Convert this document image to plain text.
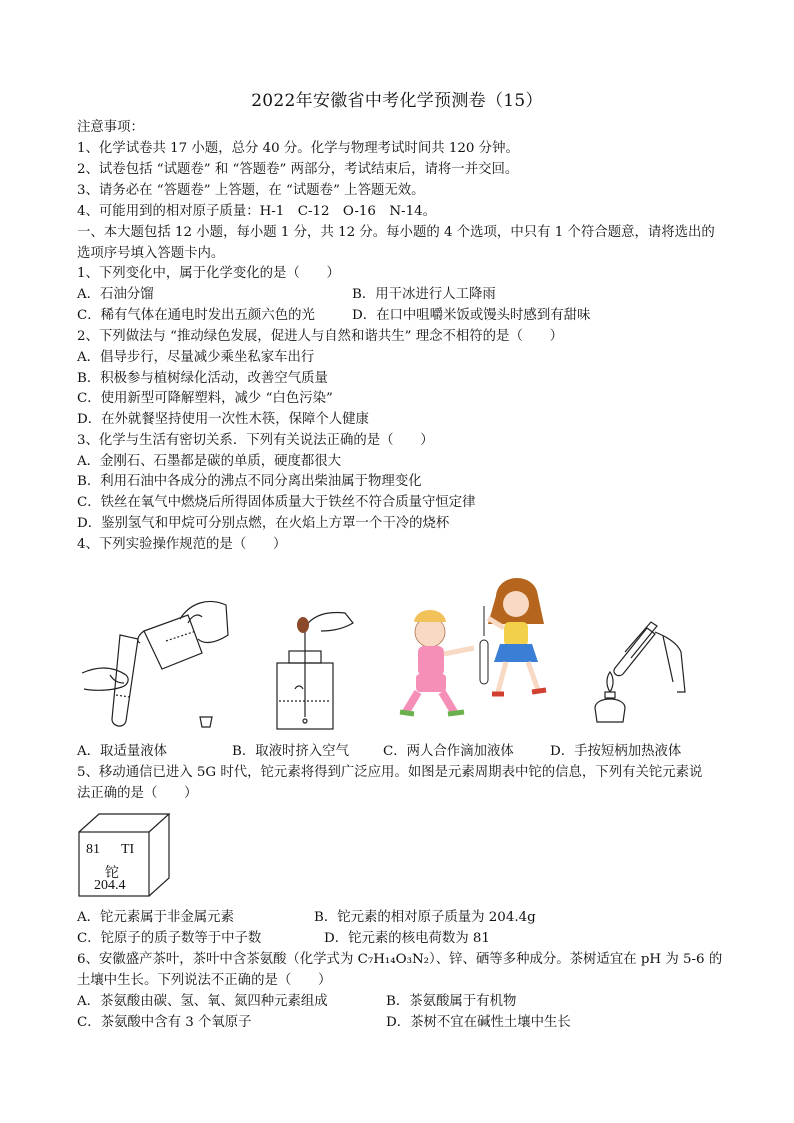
2022年安徽省中考化学预测卷（15）
注意事项：
1、化学试卷共 17 小题，总分 40 分。化学与物理考试时间共 120 分钟。
2、试卷包括 “试题卷” 和 “答题卷” 两部分，考试结束后，请将一并交回。
3、请务必在 “答题卷” 上答题，在 “试题卷” 上答题无效。
4、可能用到的相对原子质量：H-1　C-12　O-16　N-14。
一、本大题包括 12 小题，每小题 1 分，共 12 分。每小题的 4 个选项，中只有 1 个符合题意，请将选出的
选项序号填入答题卡内。
1、下列变化中，属于化学变化的是（　　）
A．石油分馏	B．用干冰进行人工降雨
C．稀有气体在通电时发出五颜六色的光	D．在口中咀嚼米饭或馒头时感到有甜味
2、下列做法与 “推动绿色发展，促进人与自然和谐共生” 理念不相符的是（　　）
A．倡导步行，尽量减少乘坐私家车出行
B．积极参与植树绿化活动，改善空气质量
C．使用新型可降解塑料，减少 “白色污染”
D．在外就餐坚持使用一次性木筷，保障个人健康
3、化学与生活有密切关系．下列有关说法正确的是（　　）
A．金刚石、石墨都是碳的单质，硬度都很大
B．利用石油中各成分的沸点不同分离出柴油属于物理变化
C．铁丝在氧气中燃烧后所得固体质量大于铁丝不符合质量守恒定律
D．鉴别氢气和甲烷可分别点燃，在火焰上方罩一个干冷的烧杯
4、下列实验操作规范的是（　　）
A．取适量液体	B．取液时挤入空气	C．两人合作滴加液体	D．手按短柄加热液体
5、移动通信已进入 5G 时代，铊元素将得到广泛应用。如图是元素周期表中铊的信息，下列有关铊元素说
法正确的是（　　）
81 TI
铊
204.4
A．铊元素属于非金属元素	B．铊元素的相对原子质量为 204.4g
C．铊原子的质子数等于中子数	D．铊元素的核电荷数为 81
6、安徽盛产茶叶，茶叶中含茶氨酸（化学式为 C₇H₁₄O₃N₂）、锌、硒等多种成分。茶树适宜在 pH 为 5-6 的
土壤中生长。下列说法不正确的是（　　）
A．茶氨酸由碳、氢、氧、氮四种元素组成	B．茶氨酸属于有机物
C．茶氨酸中含有 3 个氧原子	D．茶树不宜在碱性土壤中生长
